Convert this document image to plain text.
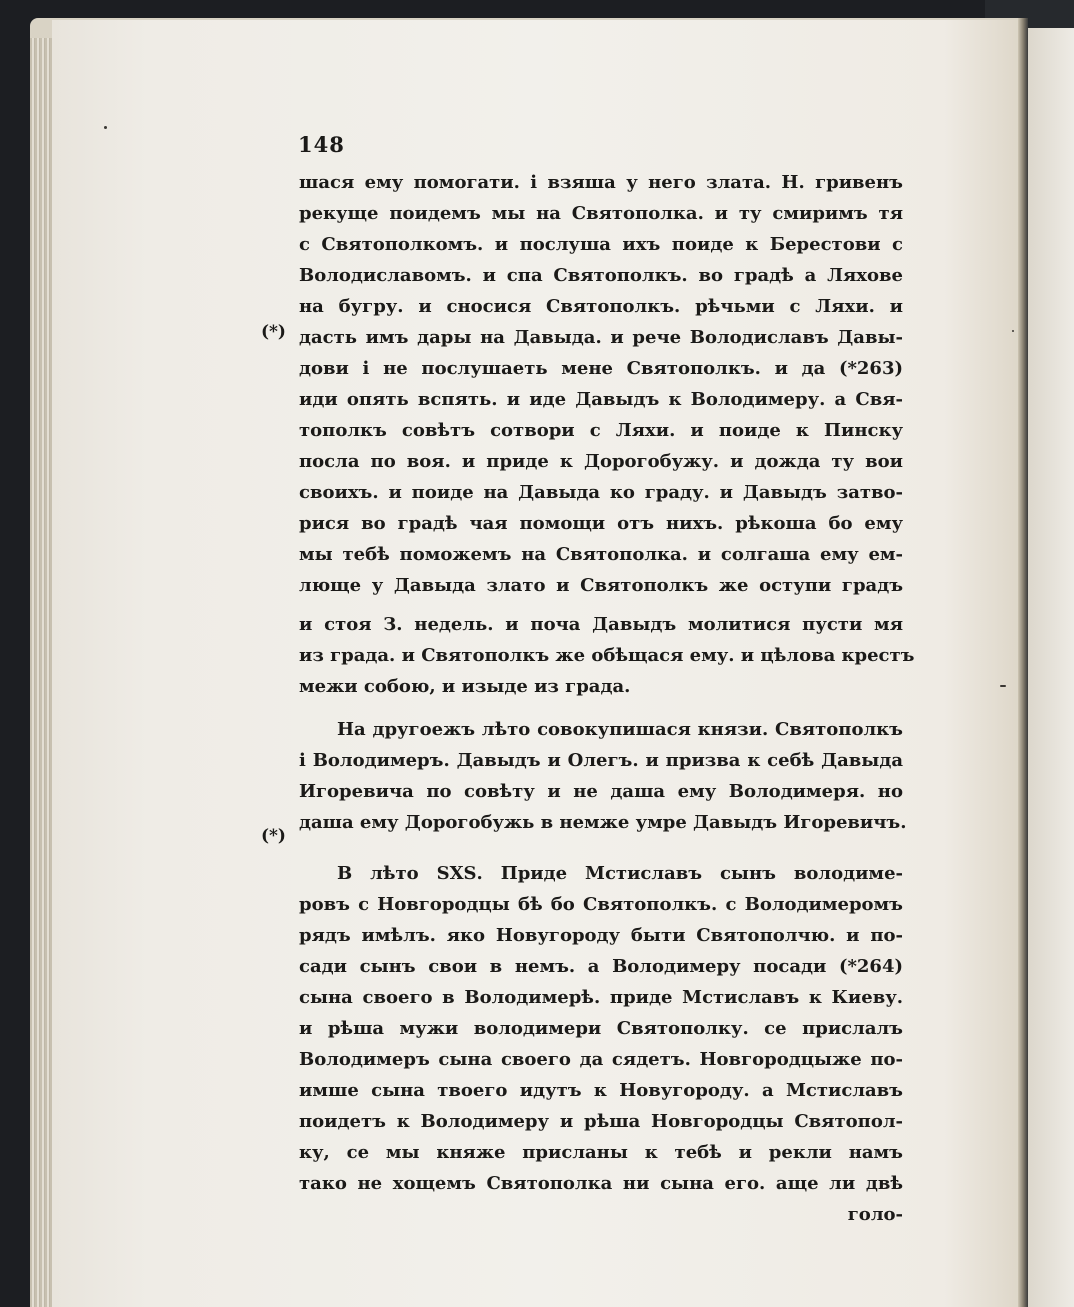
148
(*)
(*)
шася ему помогати. і взяша у него злата. Н. гривенъ
рекуще поидемъ мы на Святополка. и ту смиримъ тя
с Святополкомъ. и послуша ихъ поиде к Берестови с
Володиславомъ. и спа Святополкъ. во градѣ а Ляхове
на бугру. и сносися Святополкъ. рѣчьми с Ляхи. и
дасть имъ дары на Давыда. и рече Володиславъ Давы-
дови і не послушаеть мене Святополкъ. и да (*263)
иди опять вспять. и иде Давыдъ к Володимеру. а Свя-
тополкъ совѣтъ сотвори с Ляхи. и поиде к Пинску
посла по воя. и приде к Дорогобужу. и дожда ту вои
своихъ. и поиде на Давыда ко граду. и Давыдъ затво-
рися во градѣ чая помощи отъ нихъ. рѣкоша бо ему
мы тебѣ поможемъ на Святополка. и солгаша ему ем-
люще у Давыда злато и Святополкъ же оступи градъ
и стоя З. недель. и поча Давыдъ молитися пусти мя
из града. и Святополкъ же обѣщася ему. и цѣлова крестъ
межи собою, и изыде из града.
На другоежъ лѣто совокупишася князи. Святополкъ
і Володимеръ. Давыдъ и Олегъ. и призва к себѣ Давыда
Игоревича по совѣту и не даша ему Володимеря. но
даша ему Дорогобужь в немже умре Давыдъ Игоревичъ.
В лѣто ЅХЅ. Приде Мстиславъ сынъ володиме-
ровъ с Новгородцы бѣ бо Святополкъ. с Володимеромъ
рядъ имѣлъ. яко Новугороду быти Святополчю. и по-
сади сынъ свои в немъ. а Володимеру посади (*264)
сына своего в Володимерѣ. приде Мстиславъ к Киеву.
и рѣша мужи володимери Святополку. се прислалъ
Володимеръ сына своего да сядетъ. Новгородцыже по-
имше сына твоего идутъ к Новугороду. а Мстиславъ
поидетъ к Володимеру и рѣша Новгородцы Святопол-
ку, се мы княже присланы к тебѣ и рекли намъ
тако не хощемъ Святополка ни сына его. аще ли двѣ
голо-
